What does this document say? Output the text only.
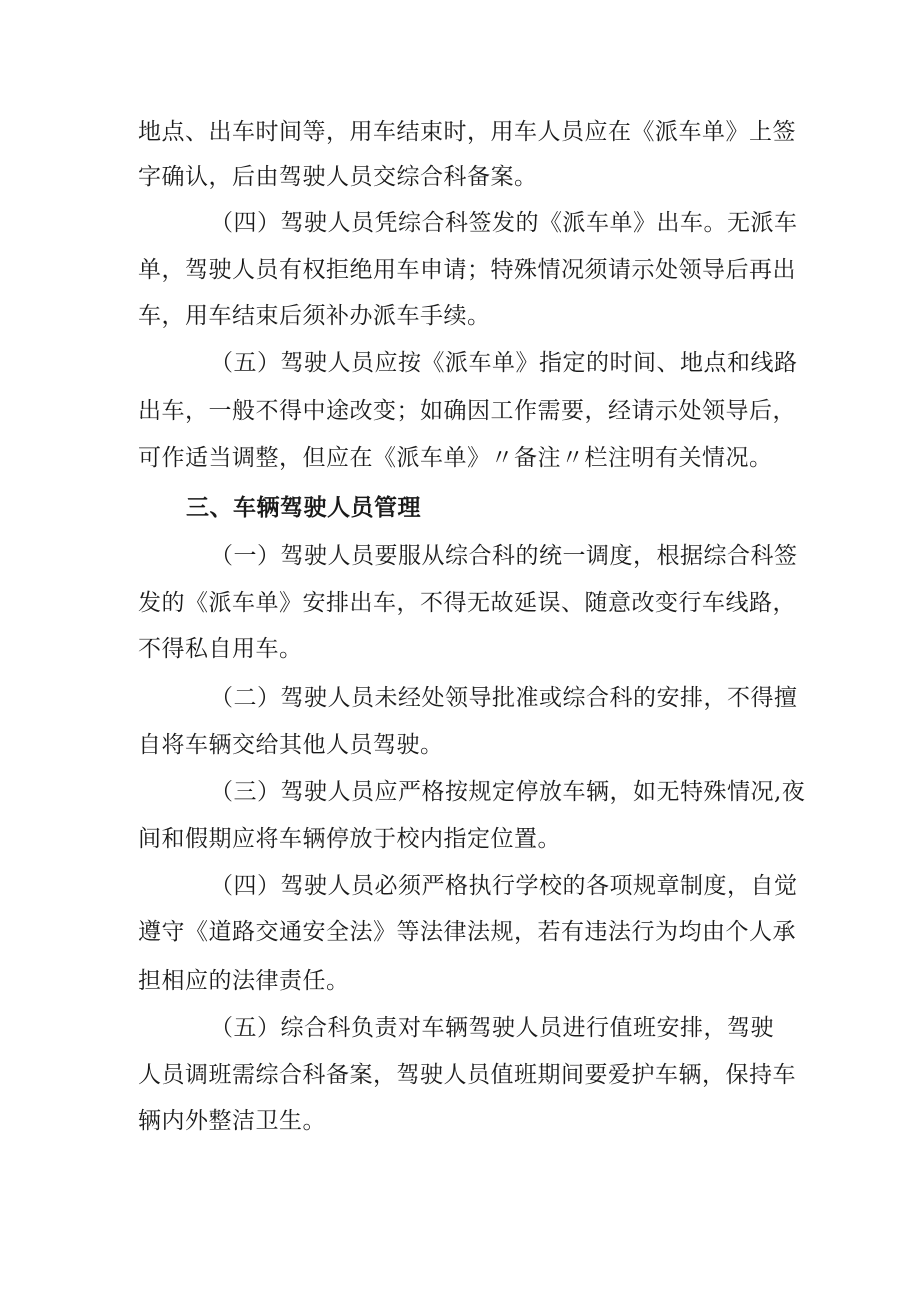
地点、出车时间等，用车结束时，用车人员应在《派车单》上签
字确认，后由驾驶人员交综合科备案。
（四）驾驶人员凭综合科签发的《派车单》出车。无派车
单，驾驶人员有权拒绝用车申请；特殊情况须请示处领导后再出
车，用车结束后须补办派车手续。
（五）驾驶人员应按《派车单》指定的时间、地点和线路
出车，一般不得中途改变；如确因工作需要，经请示处领导后，
可作适当调整，但应在《派车单》〃备注〃栏注明有关情况。
三、车辆驾驶人员管理
（一）驾驶人员要服从综合科的统一调度，根据综合科签
发的《派车单》安排出车，不得无故延误、随意改变行车线路，
不得私自用车。
（二）驾驶人员未经处领导批准或综合科的安排，不得擅
自将车辆交给其他人员驾驶。
（三）驾驶人员应严格按规定停放车辆，如无特殊情况,夜
间和假期应将车辆停放于校内指定位置。
（四）驾驶人员必须严格执行学校的各项规章制度，自觉
遵守《道路交通安全法》等法律法规，若有违法行为均由个人承
担相应的法律责任。
（五）综合科负责对车辆驾驶人员进行值班安排，驾驶
人员调班需综合科备案，驾驶人员值班期间要爱护车辆，保持车
辆内外整洁卫生。
